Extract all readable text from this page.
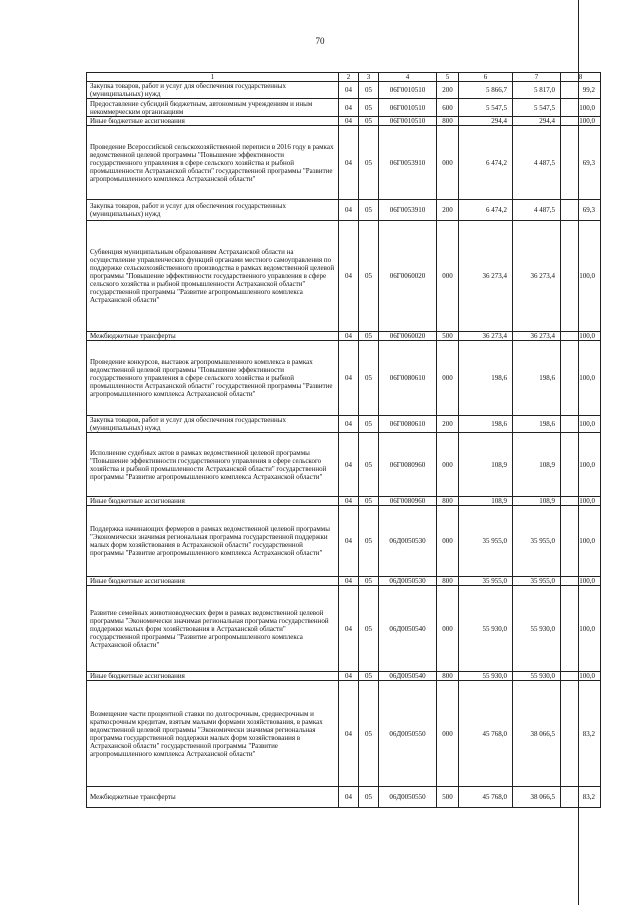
70
1	2	3	4	5	6	7	8
Закупка товаров, работ и услуг для обеспечения государственных (муниципальных) нужд	04	05	06Г0010510	200	5 866,7	5 817,0	99,2
Предоставление субсидий бюджетным, автономным учреждениям и иным некоммерческим организациям	04	05	06Г0010510	600	5 547,5	5 547,5	100,0
Иные бюджетные ассигнования	04	05	06Г0010510	800	294,4	294,4	100,0
Проведение Всероссийской сельскохозяйственной переписи в 2016 году в рамках ведомственной целевой программы "Повышение эффективности государственного управления в сфере сельского хозяйства и рыбной промышленности Астраханской области" государственной программы "Развитие агропромышленного комплекса Астраханской области"	04	05	06Г0053910	000	6 474,2	4 487,5	69,3
Закупка товаров, работ и услуг для обеспечения государственных (муниципальных) нужд	04	05	06Г0053910	200	6 474,2	4 487,5	69,3
Субвенция муниципальным образованиям Астраханской области на осуществление управленческих функций органами местного самоуправления по поддержке сельскохозяйственного производства в рамках ведомственной целевой программы "Повышение эффективности государственного управления в сфере сельского хозяйства и рыбной промышленности Астраханской области" государственной программы "Развитие агропромышленного комплекса Астраханской области"	04	05	06Г0060020	000	36 273,4	36 273,4	100,0
Межбюджетные трансферты	04	05	06Г0060020	500	36 273,4	36 273,4	100,0
Проведение конкурсов, выставок агропромышленного комплекса в рамках ведомственной целевой программы "Повышение эффективности государственного управления в сфере сельского хозяйства и рыбной промышленности Астраханской области" государственной программы "Развитие агропромышленного комплекса Астраханской области"	04	05	06Г0080610	000	198,6	198,6	100,0
Закупка товаров, работ и услуг для обеспечения государственных (муниципальных) нужд	04	05	06Г0080610	200	198,6	198,6	100,0
Исполнение судебных актов в рамках ведомственной целевой программы "Повышение эффективности государственного управления в сфере сельского хозяйства и рыбной промышленности Астраханской области" государственной программы "Развитие агропромышленного комплекса Астраханской области"	04	05	06Г0080960	000	108,9	108,9	100,0
Иные бюджетные ассигнования	04	05	06Г0080960	800	108,9	108,9	100,0
Поддержка начинающих фермеров в рамках ведомственной целевой программы "Экономически значимая региональная программа государственной поддержки малых форм хозяйствования в Астраханской области" государственной программы "Развитие агропромышленного комплекса Астраханской области"	04	05	06Д0050530	000	35 955,0	35 955,0	100,0
Иные бюджетные ассигнования	04	05	06Д0050530	800	35 955,0	35 955,0	100,0
Развитие семейных животноводческих ферм в рамках ведомственной целевой программы "Экономически значимая региональная программа государственной поддержки малых форм хозяйствования в Астраханской области" государственной программы "Развитие агропромышленного комплекса Астраханской области"	04	05	06Д0050540	000	55 930,0	55 930,0	100,0
Иные бюджетные ассигнования	04	05	06Д0050540	800	55 930,0	55 930,0	100,0
Возмещение части процентной ставки по долгосрочным, среднесрочным и краткосрочным кредитам, взятым малыми формами хозяйствования, в рамках ведомственной целевой программы "Экономически значимая региональная программа государственной поддержки малых форм хозяйствования в Астраханской области" государственной программы "Развитие агропромышленного комплекса Астраханской области"	04	05	06Д0050550	000	45 768,0	38 066,5	83,2
Межбюджетные трансферты	04	05	06Д0050550	500	45 768,0	38 066,5	83,2
